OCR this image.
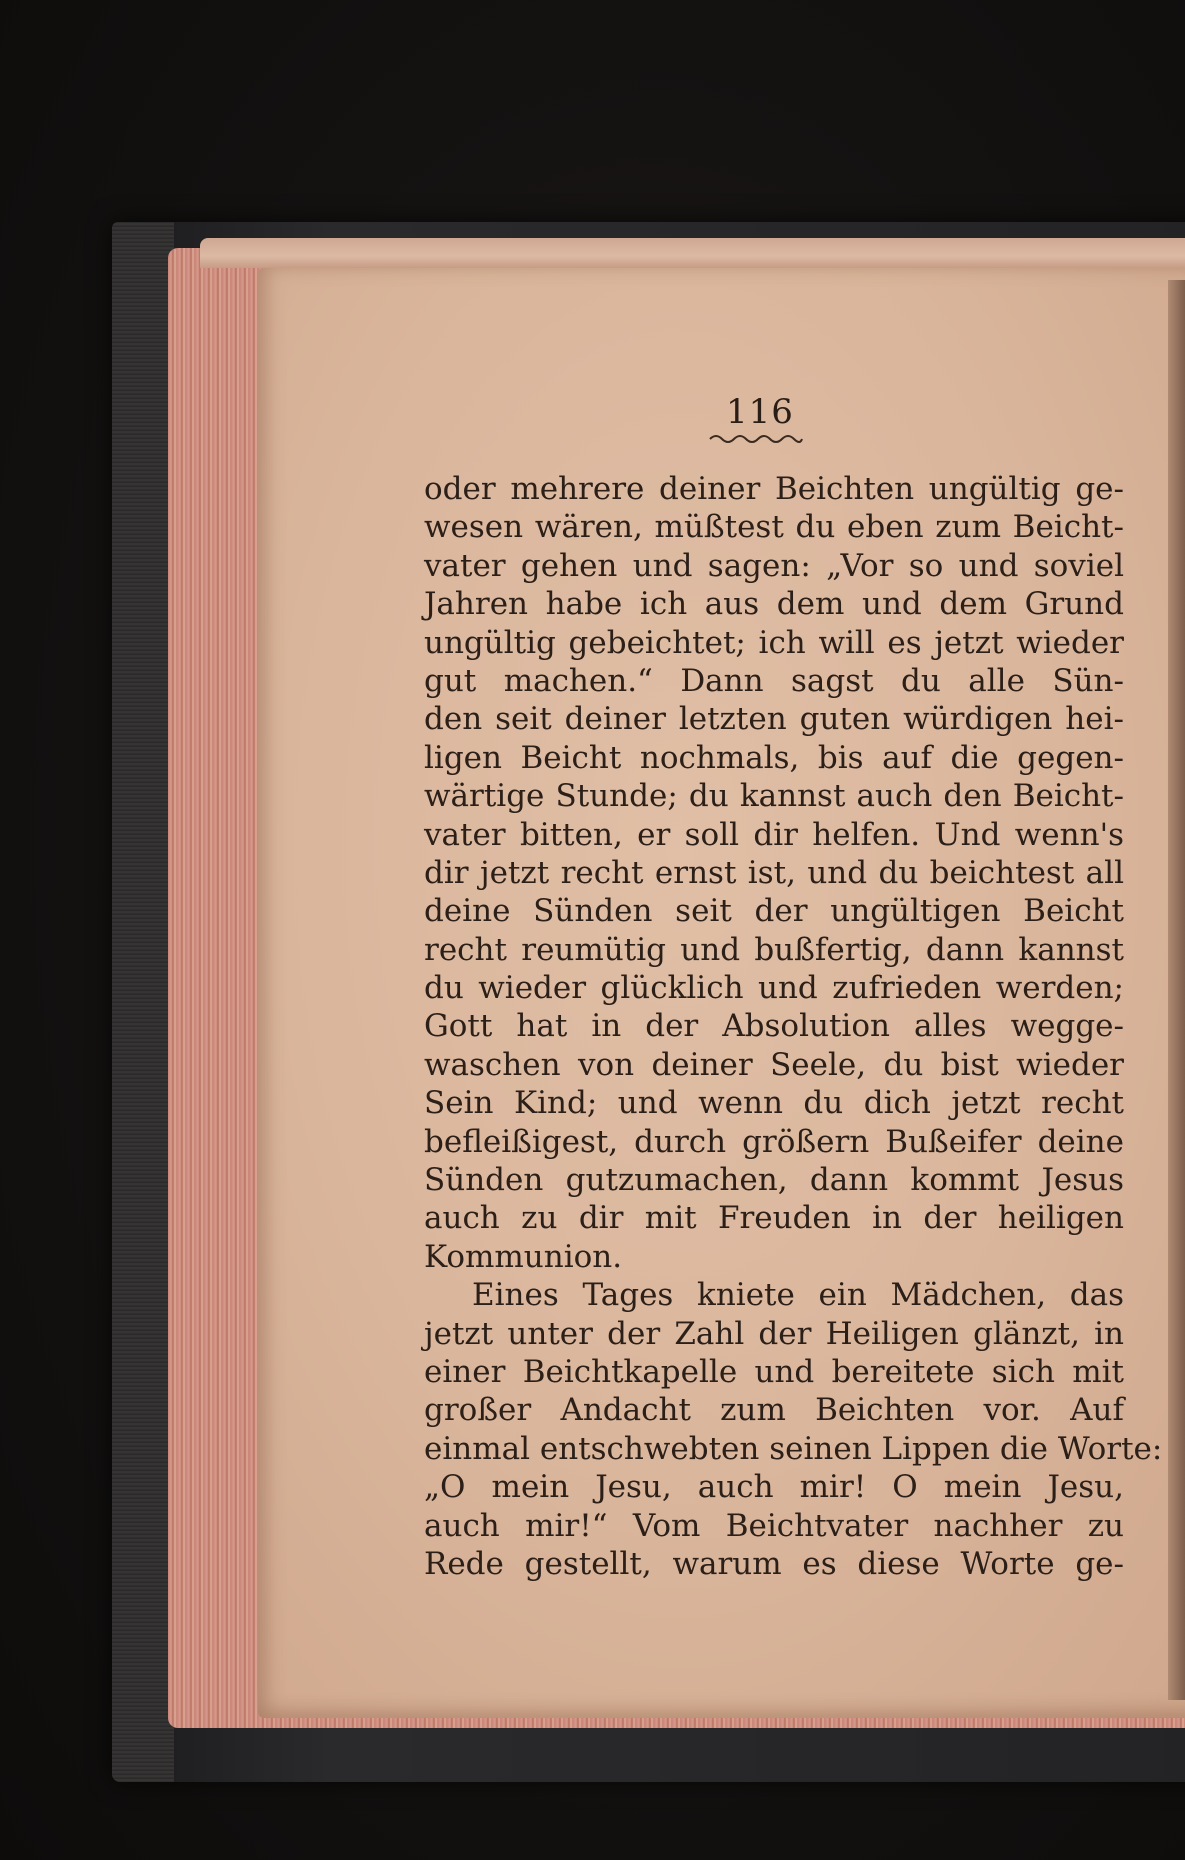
116
oder mehrere deiner Beichten ungültig ge-
wesen wären, müßtest du eben zum Beicht-
vater gehen und sagen: „Vor so und soviel
Jahren habe ich aus dem und dem Grund
ungültig gebeichtet; ich will es jetzt wieder
gut machen.“ Dann sagst du alle Sün-
den seit deiner letzten guten würdigen hei-
ligen Beicht nochmals, bis auf die gegen-
wärtige Stunde; du kannst auch den Beicht-
vater bitten, er soll dir helfen. Und wenn's
dir jetzt recht ernst ist, und du beichtest all
deine Sünden seit der ungültigen Beicht
recht reumütig und bußfertig, dann kannst
du wieder glücklich und zufrieden werden;
Gott hat in der Absolution alles wegge-
waschen von deiner Seele, du bist wieder
Sein Kind; und wenn du dich jetzt recht
befleißigest, durch größern Bußeifer deine
Sünden gutzumachen, dann kommt Jesus
auch zu dir mit Freuden in der heiligen
Kommunion.
Eines Tages kniete ein Mädchen, das
jetzt unter der Zahl der Heiligen glänzt, in
einer Beichtkapelle und bereitete sich mit
großer Andacht zum Beichten vor. Auf
einmal entschwebten seinen Lippen die Worte:
„O mein Jesu, auch mir! O mein Jesu,
auch mir!“ Vom Beichtvater nachher zu
Rede gestellt, warum es diese Worte ge-
